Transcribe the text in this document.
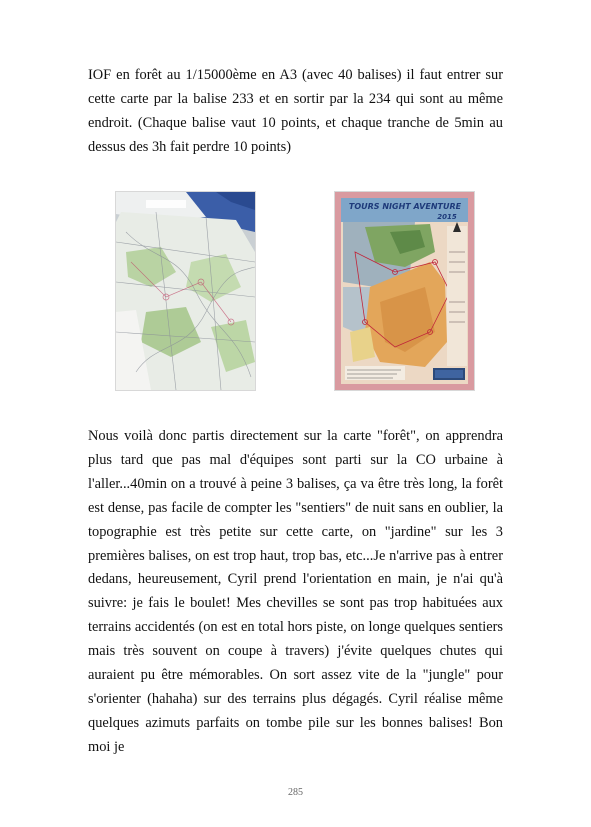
IOF en forêt au 1/15000ème en A3 (avec 40 balises) il faut entrer sur cette carte par la balise 233 et en sortir par la 234 qui sont au même endroit. (Chaque balise vaut 10 points, et chaque tranche de 5min au dessus des 3h fait perdre 10 points)

TOURS NIGHT AVENTURE
2015

Nous voilà donc partis directement sur la carte "forêt", on apprendra plus tard que pas mal d'équipes sont parti sur la CO urbaine à l'aller...40min on a trouvé à peine 3 balises, ça va être très long, la forêt est dense, pas facile de compter les "sentiers" de nuit sans en oublier, la topographie est très petite sur cette carte, on "jardine" sur les 3 premières balises, on est trop haut, trop bas, etc...Je n'arrive pas à entrer dedans, heureusement, Cyril prend l'orientation en main, je n'ai qu'à suivre: je fais le boulet! Mes chevilles se sont pas trop habituées aux terrains accidentés (on est en total hors piste, on longe quelques sentiers mais très souvent on coupe à travers) j'évite quelques chutes qui auraient pu être mémorables. On sort assez vite de la "jungle" pour s'orienter (hahaha) sur des terrains plus dégagés. Cyril réalise même quelques azimuts parfaits on tombe pile sur les bonnes balises! Bon moi je

285
